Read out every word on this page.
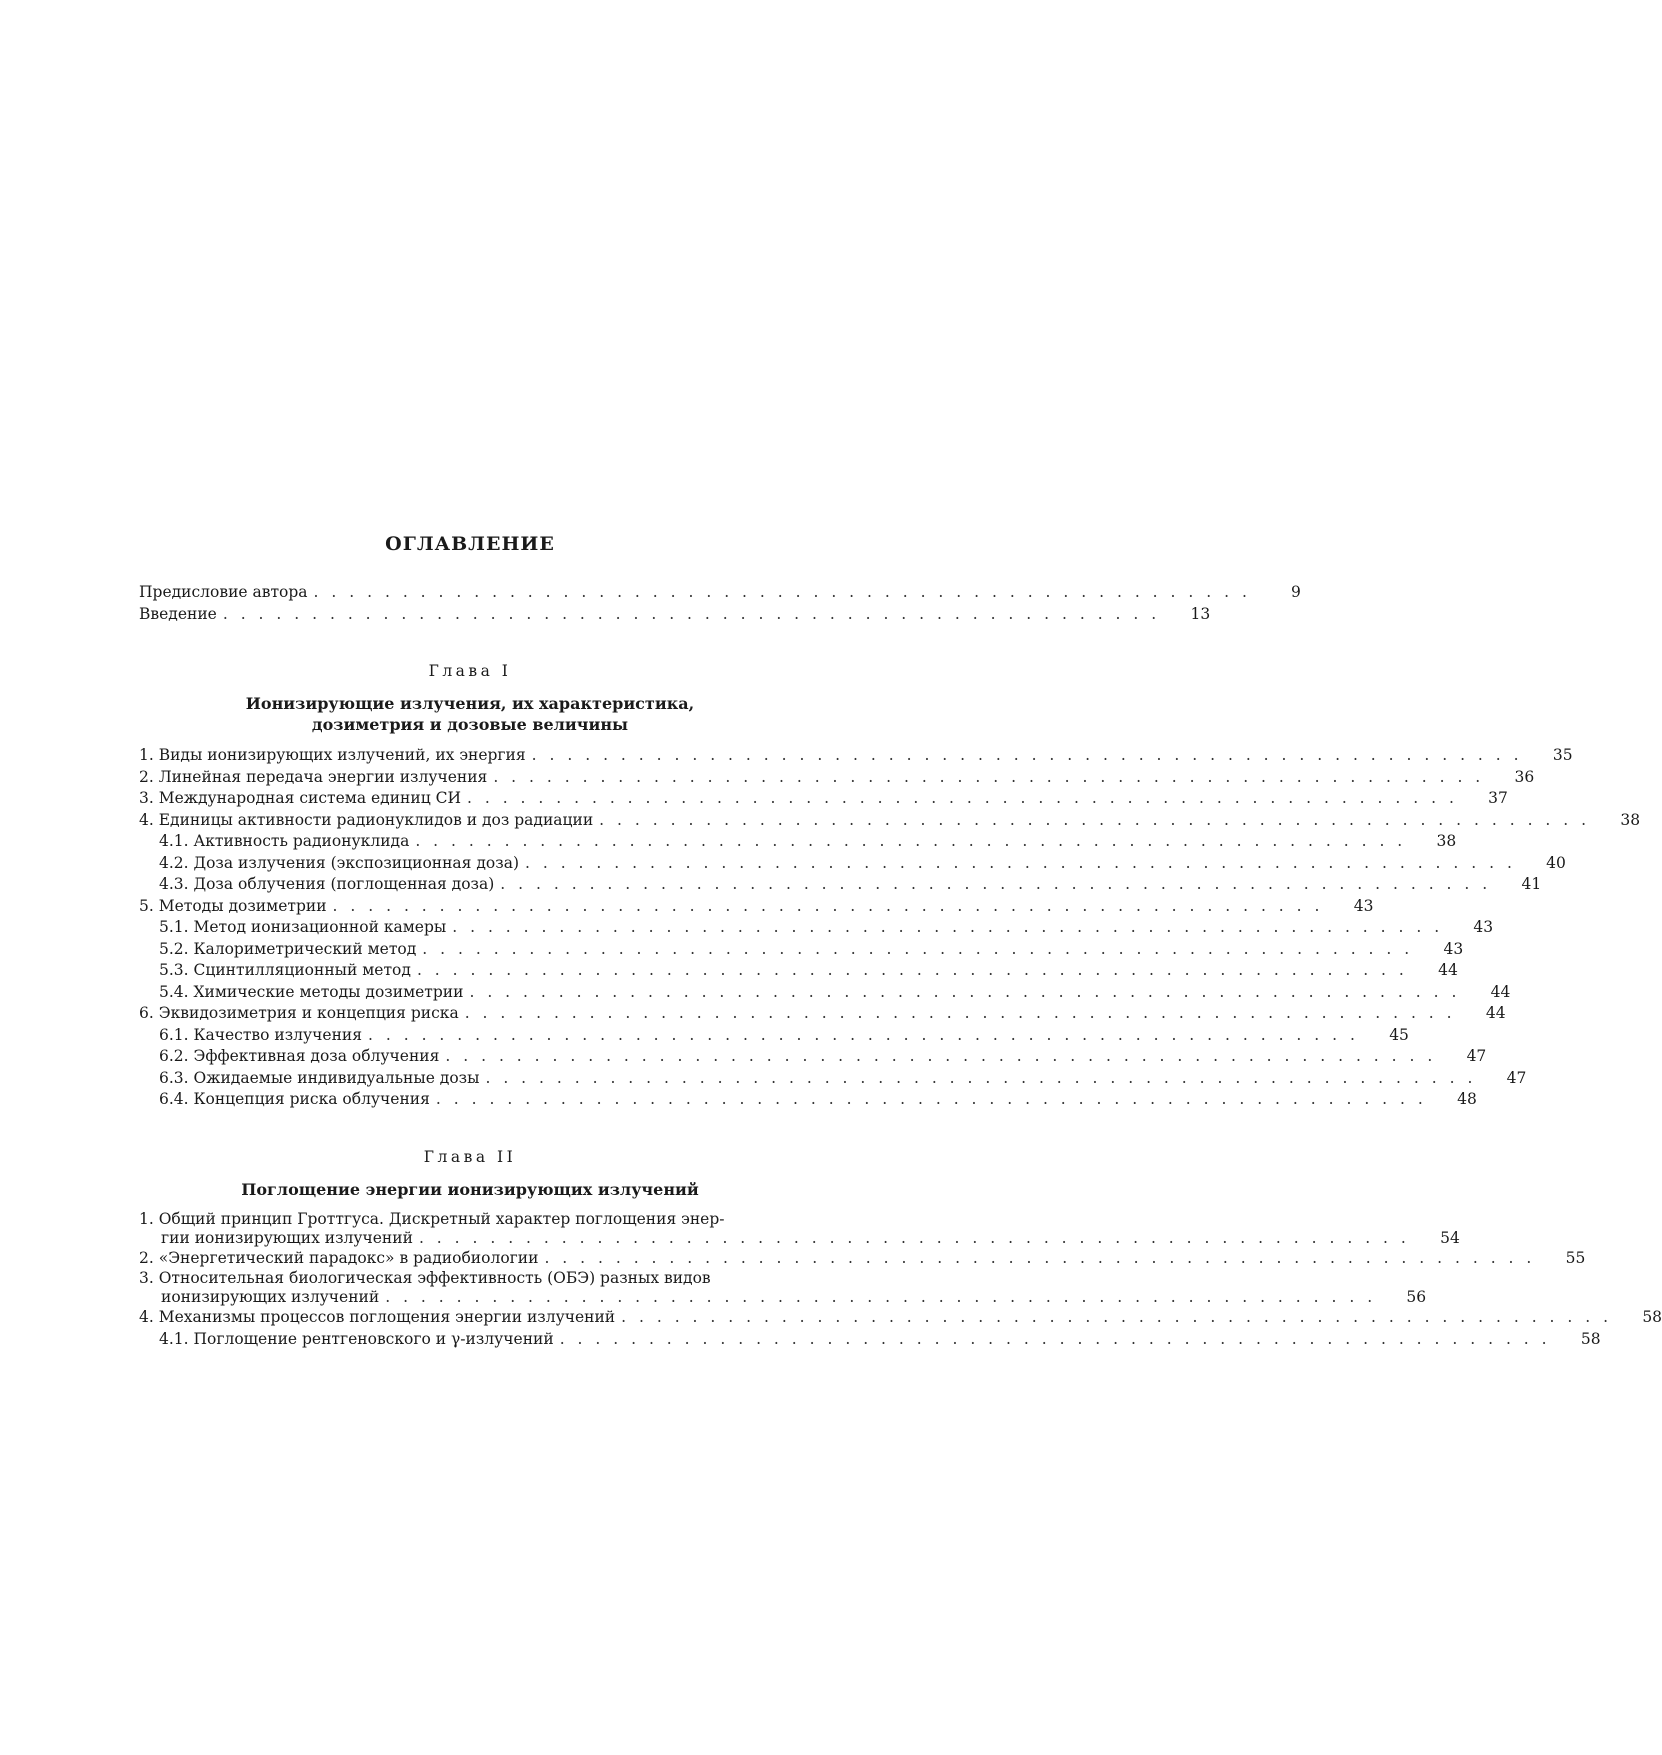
ОГЛАВЛЕНИЕ
Предисловие автора . . . . . . . . . . . . . . . . . . . . . . . . . . . . . . . . . . . . . . . . . . . . . . . . . . . . .	9
Введение . . . . . . . . . . . . . . . . . . . . . . . . . . . . . . . . . . . . . . . . . . . . . . . . . . . . .	13
Глава I
Ионизирующие излучения, их характеристика,
дозиметрия и дозовые величины
1. Виды ионизирующих излучений, их энергия . . . . . . . . . . . . . . . . . . . . . . . . . . . . . . . . . . . . . . . . . . . . . . . . . . . . . . . .	35
2. Линейная передача энергии излучения . . . . . . . . . . . . . . . . . . . . . . . . . . . . . . . . . . . . . . . . . . . . . . . . . . . . . . . .	36
3. Международная система единиц СИ . . . . . . . . . . . . . . . . . . . . . . . . . . . . . . . . . . . . . . . . . . . . . . . . . . . . . . . .	37
4. Единицы активности радионуклидов и доз радиации . . . . . . . . . . . . . . . . . . . . . . . . . . . . . . . . . . . . . . . . . . . . . . . . . . . . . . . .	38
4.1. Активность радионуклида . . . . . . . . . . . . . . . . . . . . . . . . . . . . . . . . . . . . . . . . . . . . . . . . . . . . . . . .	38
4.2. Доза излучения (экспозиционная доза) . . . . . . . . . . . . . . . . . . . . . . . . . . . . . . . . . . . . . . . . . . . . . . . . . . . . . . . .	40
4.3. Доза облучения (поглощенная доза) . . . . . . . . . . . . . . . . . . . . . . . . . . . . . . . . . . . . . . . . . . . . . . . . . . . . . . . .	41
5. Методы дозиметрии . . . . . . . . . . . . . . . . . . . . . . . . . . . . . . . . . . . . . . . . . . . . . . . . . . . . . . . .	43
5.1. Метод ионизационной камеры . . . . . . . . . . . . . . . . . . . . . . . . . . . . . . . . . . . . . . . . . . . . . . . . . . . . . . . .	43
5.2. Калориметрический метод . . . . . . . . . . . . . . . . . . . . . . . . . . . . . . . . . . . . . . . . . . . . . . . . . . . . . . . .	43
5.3. Сцинтилляционный метод . . . . . . . . . . . . . . . . . . . . . . . . . . . . . . . . . . . . . . . . . . . . . . . . . . . . . . . .	44
5.4. Химические методы дозиметрии . . . . . . . . . . . . . . . . . . . . . . . . . . . . . . . . . . . . . . . . . . . . . . . . . . . . . . . .	44
6. Эквидозиметрия и концепция риска . . . . . . . . . . . . . . . . . . . . . . . . . . . . . . . . . . . . . . . . . . . . . . . . . . . . . . . .	44
6.1. Качество излучения . . . . . . . . . . . . . . . . . . . . . . . . . . . . . . . . . . . . . . . . . . . . . . . . . . . . . . . .	45
6.2. Эффективная доза облучения . . . . . . . . . . . . . . . . . . . . . . . . . . . . . . . . . . . . . . . . . . . . . . . . . . . . . . . .	47
6.3. Ожидаемые индивидуальные дозы . . . . . . . . . . . . . . . . . . . . . . . . . . . . . . . . . . . . . . . . . . . . . . . . . . . . . . . .	47
6.4. Концепция риска облучения . . . . . . . . . . . . . . . . . . . . . . . . . . . . . . . . . . . . . . . . . . . . . . . . . . . . . . . .	48
Глава II
Поглощение энергии ионизирующих излучений
1. Общий принцип Гроттгуса. Дискретный характер поглощения энер-
гии ионизирующих излучений . . . . . . . . . . . . . . . . . . . . . . . . . . . . . . . . . . . . . . . . . . . . . . . . . . . . . . . .	54
2. «Энергетический парадокс» в радиобиологии . . . . . . . . . . . . . . . . . . . . . . . . . . . . . . . . . . . . . . . . . . . . . . . . . . . . . . . .	55
3. Относительная биологическая эффективность (ОБЭ) разных видов
ионизирующих излучений . . . . . . . . . . . . . . . . . . . . . . . . . . . . . . . . . . . . . . . . . . . . . . . . . . . . . . . .	56
4. Механизмы процессов поглощения энергии излучений . . . . . . . . . . . . . . . . . . . . . . . . . . . . . . . . . . . . . . . . . . . . . . . . . . . . . . . .	58
4.1. Поглощение рентгеновского и γ-излучений . . . . . . . . . . . . . . . . . . . . . . . . . . . . . . . . . . . . . . . . . . . . . . . . . . . . . . . .	58
